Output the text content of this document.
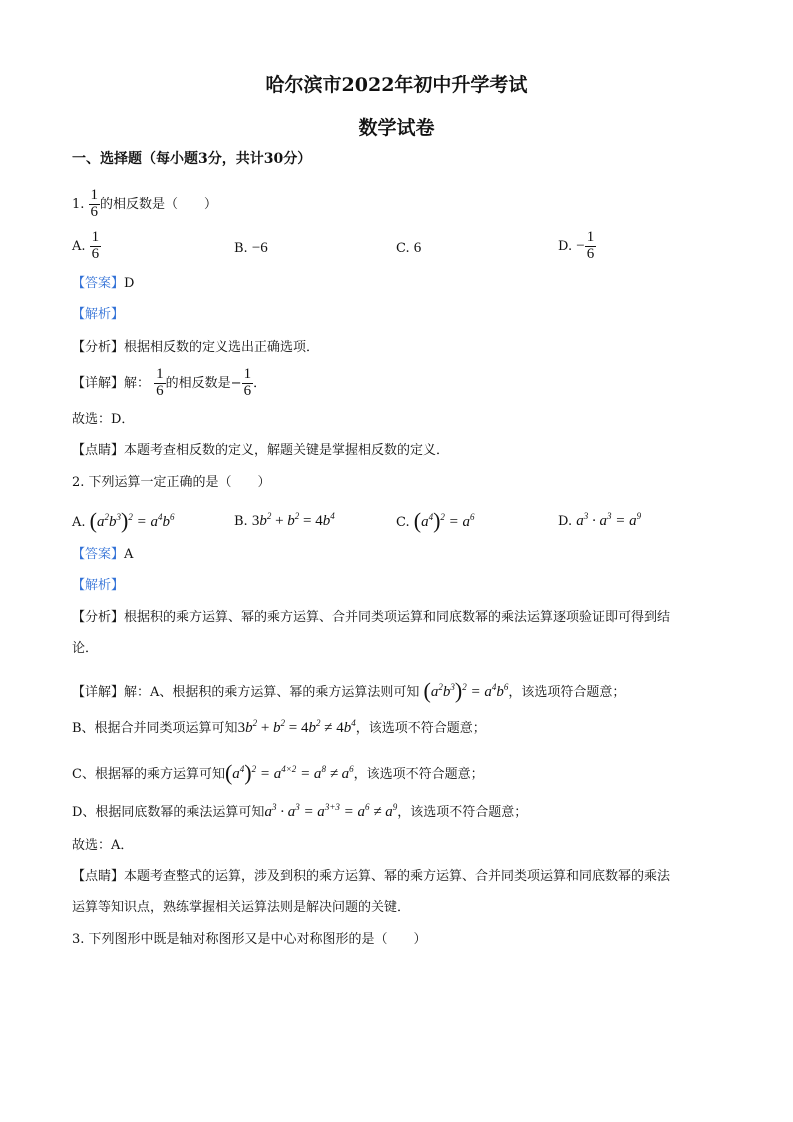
哈尔滨市2022年初中升学考试
数学试卷
一、选择题（每小题3分，共计30分）
1. $\frac{1}{6}$ 的相反数是（　　）
A. $\frac{1}{6}$	B. −6	C. 6	D. − $\frac{1}{6}$
【答案】D
【解析】
【分析】根据相反数的定义选出正确选项．
【详解】解： $\frac{1}{6}$ 的相反数是− $\frac{1}{6}$ ．
故选：D．
【点睛】本题考查相反数的定义，解题关键是掌握相反数的定义．
2. 下列运算一定正确的是（　　）
A. $(a^2b^3)^2 = a^4b^6$	B. $3b^2 + b^2 = 4b^4$	C. $(a^4)^2 = a^6$	D. $a^3 \cdot a^3 = a^9$
【答案】A
【解析】
【分析】根据积的乘方运算、幂的乘方运算、合并同类项运算和同底数幂的乘法运算逐项验证即可得到结
论．
【详解】解：A、根据积的乘方运算、幂的乘方运算法则可知 $(a^2b^3)^2 = a^4b^6$，该选项符合题意；
B、根据合并同类项运算可知$3b^2 + b^2 = 4b^2 \ne 4b^4$，该选项不符合题意；
C、根据幂的乘方运算可知$(a^4)^2 = a^{4\times 2} = a^8 \ne a^6$，该选项不符合题意；
D、根据同底数幂的乘法运算可知$a^3 \cdot a^3 = a^{3+3} = a^6 \ne a^9$，该选项不符合题意；
故选：A．
【点睛】本题考查整式的运算，涉及到积的乘方运算、幂的乘方运算、合并同类项运算和同底数幂的乘法
运算等知识点，熟练掌握相关运算法则是解决问题的关键．
3. 下列图形中既是轴对称图形又是中心对称图形的是（　　）
